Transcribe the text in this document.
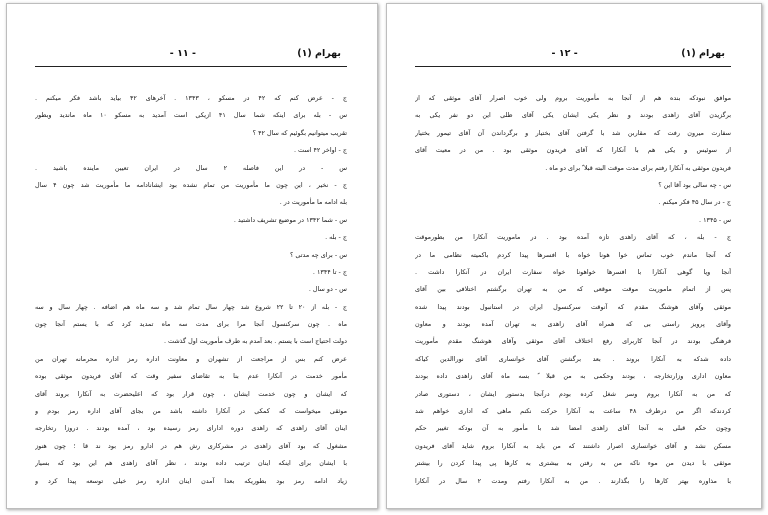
بهرام (۱)
- ۱۱ -
ج - عرض کنم که ۴۲ در مسکو ، ۱۳۴۳ . آخرهای ۴۲ بیاید باشد فکر میکنم .
س - بله برای اینکه شما سال ۴۱ ازیکی است آمدید به مسکو ۱۰ ماه ماندید وبطور
تقریب میتوانیم بگوئیم که سال ۴۲ ؟
ج - اواخر ۴۲ است .
س - در این فاصله ۲ سال در ایران تعیین ماینده باشید .
ج - نخیر ، این چون ما مأموریت من تمام نشده بود ایشانادامه ما مأموریت شد چون ۴ سال
بله ادامه ما مأموریت در .
س - شما ۱۳۴۲ در موضیع تشریف داشتید .
ج - بله .
س - برای چه مدتی ؟
ج - تا ۱۳۴۴ .
س - دو سال .
ج - بله از ۲۰ تا ۲۲ شروع شد چهار سال تمام شد و سه ماه هم اضافه . چهار سال و سه
ماه . چون سرکنسول آنجا مرا برای مدت سه ماه تمدید کرد که با یستم آنجا چون
دولت احتیاج است با یستم . بعد آمدم به طرف مأموریت اول گذشت .
عرض کنم بس از مراجعت از تشهران و معاونت اداره رمز اداره محرمانه تهران من
مأمور خدمت در آنکارا عدم بنا به تقاضای سفیر وقت که آقای فریدون موثقی بوده
که ایشان و چون خدمت ایشان ، چون قرار بود که اعلیحضرت به آنکارا بروند آقای
موثقی میخواست که کمکی در آنکارا داشته باشد من بجای آقای اداره رمز بودم و
اینان آقای زاهدی که زاهدی دوره ادارای رمز رسیده بود ، آمده بودند . دروزا رتخارجه
مشغول که بود آقای زاهدی در مشرکاری رش هم در ادارو رمز بود ند قا ؛ چون هنوز
با ایشان برای اینکه اینان ترتیب داده بودند ، نظر آقای زاهدی هم این بود که بسیار
زیاد ادامه رمز بود بطوریکه بعدا آمدن اینان اداره رمز خیلی توسعه پیدا کرد و
بهرام (۱)
- ۱۲ -
موافق نبودکه بنده هم از آنجا به مأموریت بروم ولی خوب اصرار آقای موثقی که از
برگزیدن آقای زاهدی بودند و نظر یکی ایشان یکی آقای ظلی این دو نفر یکی به
سفارت میرون رفت که مقاربن شد با گرفتن آقای بختیار و برگرداندن آن آقای تیمور بختیار
از سوئیس و یکی هم با آنکارا که آقای فریدون موثقی بود . من در معیت آقای
فریدون موثقی به آنکارا رفتم برای مدت موقت البته قبلا ً برای دو ماه .
س - چه سالی بود آقا این ؟
ج - در سال ۴۵ فکر میکنم .
س - ۱۳۴۵ .
ج - بله ، که آقای زاهدی تازه آمده بود . در ماموریت آنکارا من بطورموقت
که آنجا ماندم خوب تماس خوا هونا خواه با افسرها پیدا کردم باکمیته نظامی ما در
آنجا ویا گوهی آنکارا با افسرها خواهونا خواه سفارت ایران در آنکارا داشت .
پس از اتمام ماموریت موقت موقعی که من به تهران برگشتم اختلافی بین آقای
موثقی وآقای هوشنگ مقدم که آنوقت سرکنسول ایران در استانبول بودند پیدا شده
وآقای پرویز راستی بی که همراه آقای زاهدی به تهران آمده بودند و معاون
فرهنگی بودند در آنجا کاربرای رفع اختلاف آقای موثقی وآقای هوشنگ مقدم مأموریت
داده شدکه به آنکارا بروند . بعد برگشتن آقای خوانساری آقای نوراالدین کیاکه
معاون اداری وزارتخارجه ، بودند وحکمی به من قبلا ً بسه ماه آقای زاهدی داده بودند
که من به آنکارا بروم وسر شغل کرده بودم درآنجا بدستور ایشان ، دستوری صادر
کردندکه اگر من درظرف ۴۸ ساعت به آنکارا حرکت نکنم ماهی که اداری خواهم شد
وچون حکم قبلی به آنجا آقای زاهدی امضا شد با مأمور به آن بودکه تغییر حکم
مسکن نشد و آقای خوانساری اصرار داشتند که من باید به آنکارا بروم شاید آقای فریدون
موثقی با دیدن من موء ناکه من به رفتن به بیشتری به کارها پی پیدا کردن را بیشتر
با مذاوره بهتر کارها را بگذارند . من به آنکارا رفتم ومدت ۲ سال در آنکارا
